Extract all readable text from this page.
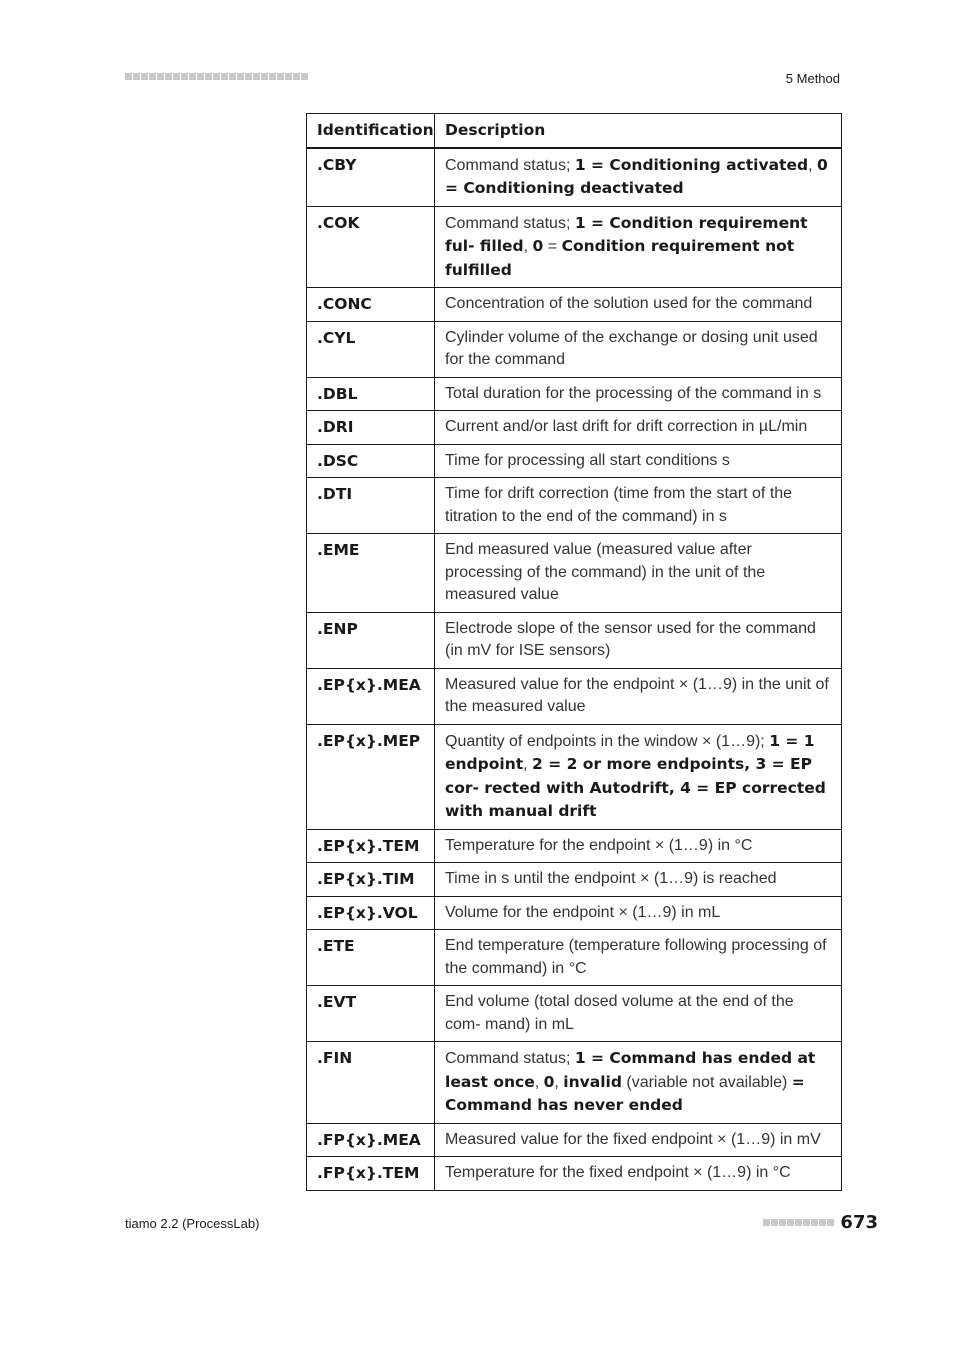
5 Method
Identification	Description
.CBY	Command status; 1 = Conditioning activated, 0 = Conditioning deactivated
.COK	Command status; 1 = Condition requirement ful- filled, 0 = Condition requirement not fulfilled
.CONC	Concentration of the solution used for the command
.CYL	Cylinder volume of the exchange or dosing unit used for the command
.DBL	Total duration for the processing of the command in s
.DRI	Current and/or last drift for drift correction in µL/min
.DSC	Time for processing all start conditions s
.DTI	Time for drift correction (time from the start of the titration to the end of the command) in s
.EME	End measured value (measured value after processing of the command) in the unit of the measured value
.ENP	Electrode slope of the sensor used for the command (in mV for ISE sensors)
.EP{x}.MEA	Measured value for the endpoint × (1…9) in the unit of the measured value
.EP{x}.MEP	Quantity of endpoints in the window × (1…9); 1 = 1 endpoint, 2 = 2 or more endpoints, 3 = EP cor- rected with Autodrift, 4 = EP corrected with manual drift
.EP{x}.TEM	Temperature for the endpoint × (1…9) in °C
.EP{x}.TIM	Time in s until the endpoint × (1…9) is reached
.EP{x}.VOL	Volume for the endpoint × (1…9) in mL
.ETE	End temperature (temperature following processing of the command) in °C
.EVT	End volume (total dosed volume at the end of the com- mand) in mL
.FIN	Command status; 1 = Command has ended at least once, 0, invalid (variable not available) = Command has never ended
.FP{x}.MEA	Measured value for the fixed endpoint × (1…9) in mV
.FP{x}.TEM	Temperature for the fixed endpoint × (1…9) in °C
tiamo 2.2 (ProcessLab)	673
